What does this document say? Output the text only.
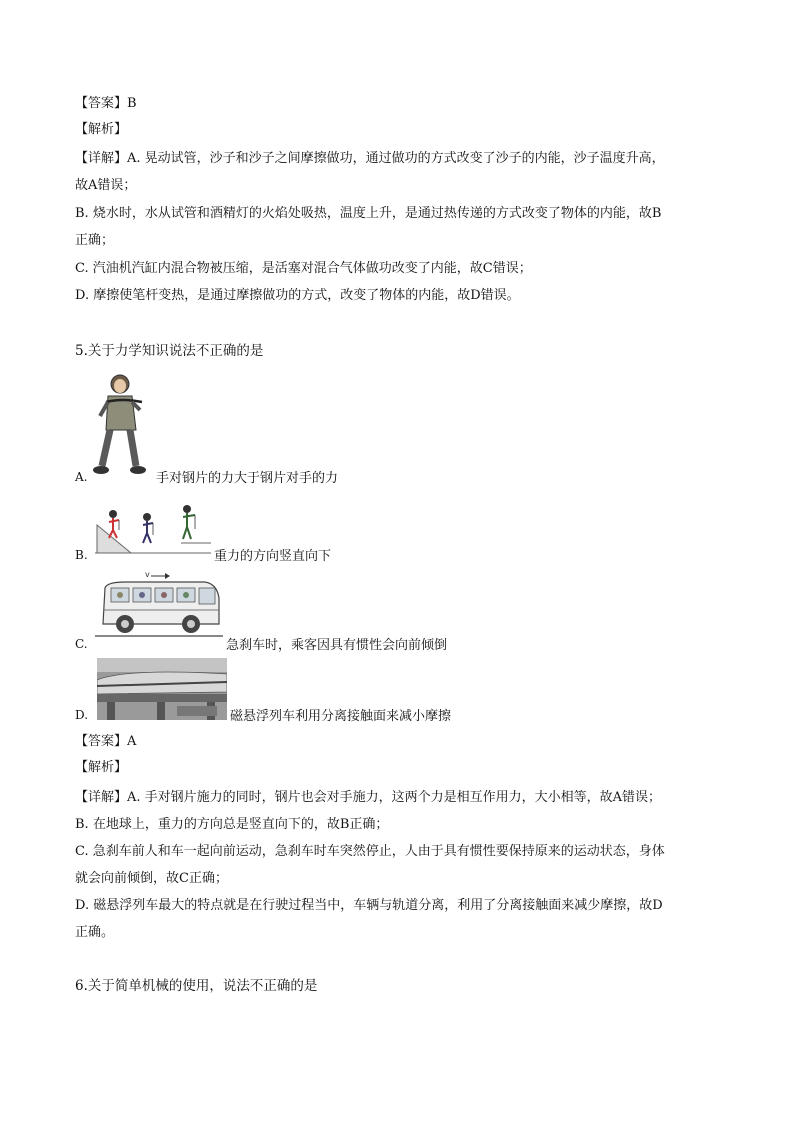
【答案】B
【解析】
【详解】A. 晃动试管，沙子和沙子之间摩擦做功，通过做功的方式改变了沙子的内能，沙子温度升高，
故A错误；
B. 烧水时，水从试管和酒精灯的火焰处吸热，温度上升，是通过热传递的方式改变了物体的内能，故B
正确；
C. 汽油机汽缸内混合物被压缩，是活塞对混合气体做功改变了内能，故C错误；
D. 摩擦使笔杆变热，是通过摩擦做功的方式，改变了物体的内能，故D错误。
5.关于力学知识说法不正确的是
A.	手对钢片的力大于钢片对手的力
B.	重力的方向竖直向下
v
C.	急刹车时，乘客因具有惯性会向前倾倒
D.	磁悬浮列车利用分离接触面来减小摩擦
【答案】A
【解析】
【详解】A. 手对钢片施力的同时，钢片也会对手施力，这两个力是相互作用力，大小相等，故A错误；
B. 在地球上，重力的方向总是竖直向下的，故B正确；
C. 急刹车前人和车一起向前运动，急刹车时车突然停止，人由于具有惯性要保持原来的运动状态，身体
就会向前倾倒，故C正确；
D. 磁悬浮列车最大的特点就是在行驶过程当中，车辆与轨道分离，利用了分离接触面来减少摩擦，故D
正确。
6.关于简单机械的使用，说法不正确的是
